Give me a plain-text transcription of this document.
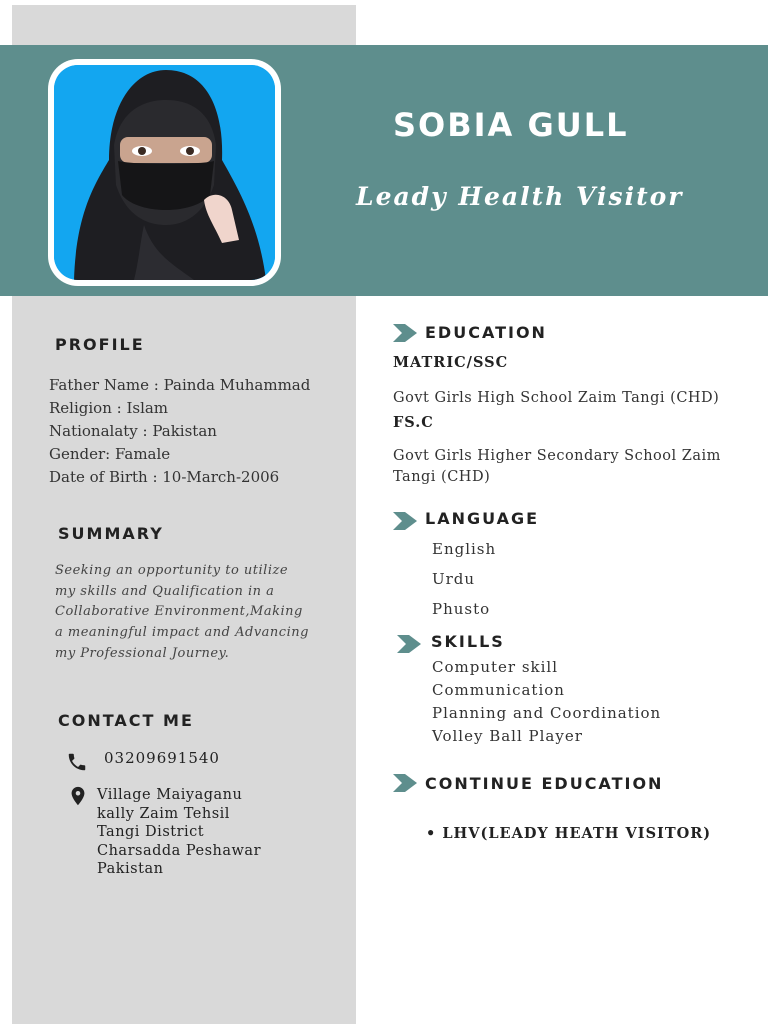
SOBIA GULL
Leady Health Visitor
PROFILE
Father Name : Painda Muhammad
Religion : Islam
Nationalaty : Pakistan
Gender: Famale
Date of Birth : 10-March-2006
SUMMARY
Seeking an opportunity to utilize
my skills and Qualification in a
Collaborative Environment,Making
a meaningful impact and Advancing
my Professional Journey.
CONTACT ME
03209691540
Village Maiyaganu
kally Zaim Tehsil
Tangi District
Charsadda Peshawar
Pakistan
EDUCATION
MATRIC/SSC
Govt Girls High School Zaim Tangi (CHD)
FS.C
Govt Girls Higher Secondary School Zaim Tangi (CHD)
LANGUAGE
English
Urdu
Phusto
SKILLS
Computer skill
Communication
Planning and Coordination
Volley Ball Player
CONTINUE EDUCATION
• LHV(LEADY HEATH VISITOR)
